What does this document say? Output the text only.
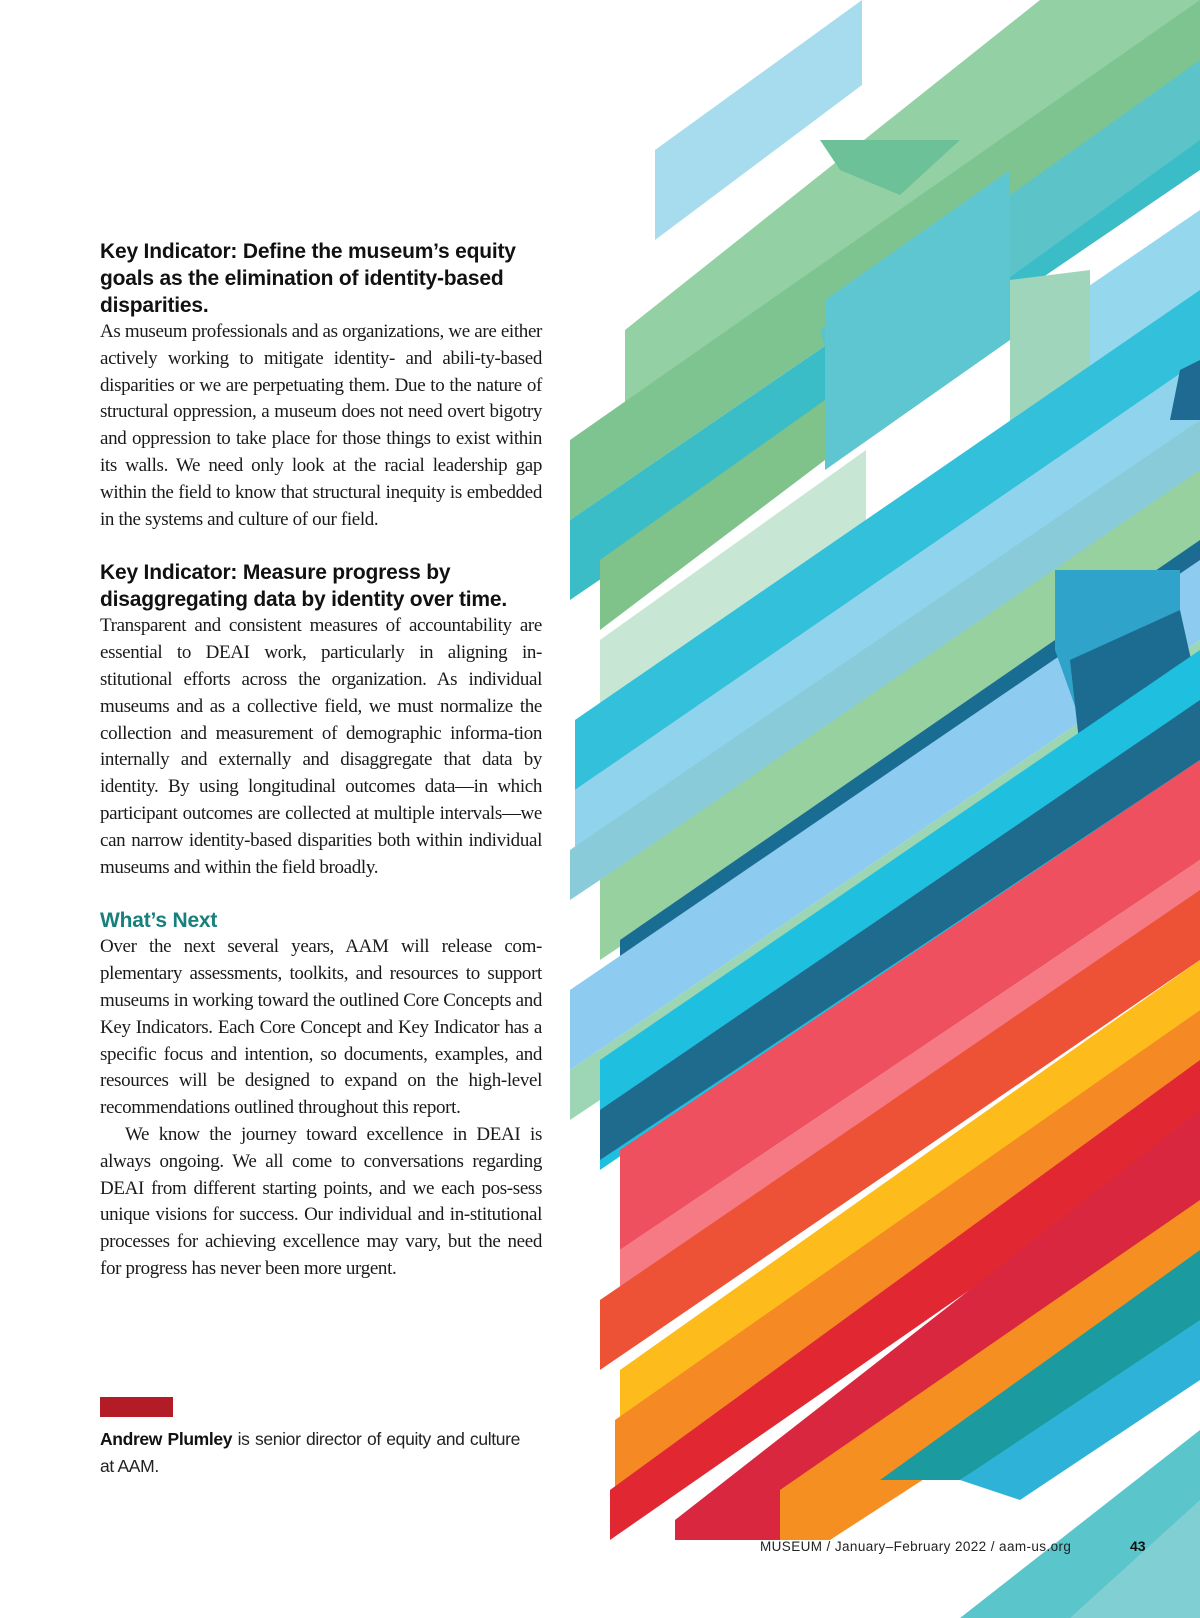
Key Indicator: Define the museum’s equity goals as the elimination of identity-based disparities.

As museum professionals and as organizations, we are either actively working to mitigate identity- and abili-ty-based disparities or we are perpetuating them. Due to the nature of structural oppression, a museum does not need overt bigotry and oppression to take place for those things to exist within its walls. We need only look at the racial leadership gap within the field to know that structural inequity is embedded in the systems and culture of our field.

Key Indicator: Measure progress by disaggregating data by identity over time.

Transparent and consistent measures of accountability are essential to DEAI work, particularly in aligning in-stitutional efforts across the organization. As individual museums and as a collective field, we must normalize the collection and measurement of demographic informa-tion internally and externally and disaggregate that data by identity. By using longitudinal outcomes data—in which participant outcomes are collected at multiple intervals—we can narrow identity-based disparities both within individual museums and within the field broadly.

What’s Next

Over the next several years, AAM will release com-plementary assessments, toolkits, and resources to support museums in working toward the outlined Core Concepts and Key Indicators. Each Core Concept and Key Indicator has a specific focus and intention, so documents, examples, and resources will be designed to expand on the high-level recommendations outlined throughout this report.

We know the journey toward excellence in DEAI is always ongoing. We all come to conversations regarding DEAI from different starting points, and we each pos-sess unique visions for success. Our individual and in-stitutional processes for achieving excellence may vary, but the need for progress has never been more urgent.

Andrew Plumley is senior director of equity and culture at AAM.

MUSEUM / January–February 2022 / aam-us.org	43
